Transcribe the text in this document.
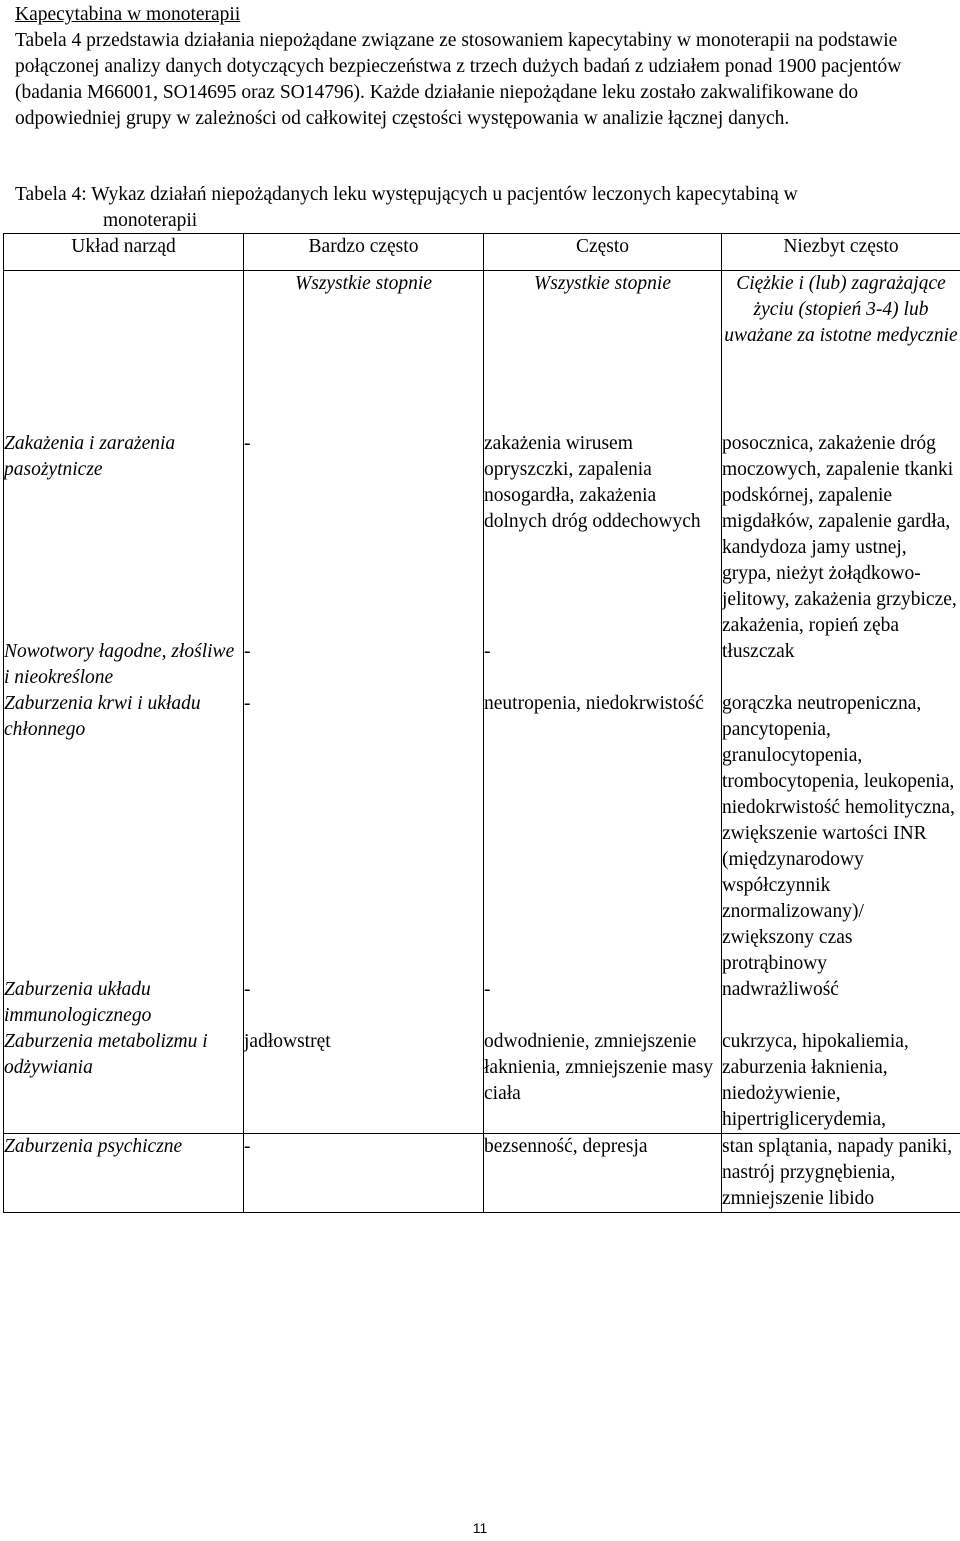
Kapecytabina w monoterapii
Tabela 4 przedstawia działania niepożądane związane ze stosowaniem kapecytabiny w monoterapii na podstawie połączonej analizy danych dotyczących bezpieczeństwa z trzech dużych badań z udziałem ponad 1900 pacjentów (badania M66001, SO14695 oraz SO14796). Każde działanie niepożądane leku zostało zakwalifikowane do odpowiedniej grupy w zależności od całkowitej częstości występowania w analizie łącznej danych.
Tabela 4: Wykaz działań niepożądanych leku występujących u pacjentów leczonych kapecytabiną w
monoterapii
Układ narząd	Bardzo często	Często	Niezbyt często
	Wszystkie stopnie	Wszystkie stopnie	Ciężkie i (lub) zagrażające życiu (stopień 3-4) lub uważane za istotne medycznie
Zakażenia i zarażenia pasożytnicze	-	zakażenia wirusem opryszczki, zapalenia nosogardła, zakażenia dolnych dróg oddechowych	posocznica, zakażenie dróg moczowych, zapalenie tkanki podskórnej, zapalenie migdałków, zapalenie gardła, kandydoza jamy ustnej, grypa, nieżyt żołądkowo-jelitowy, zakażenia grzybicze, zakażenia, ropień zęba
Nowotwory łagodne, złośliwe i nieokreślone	-	-	tłuszczak
Zaburzenia krwi i układu chłonnego	-	neutropenia, niedokrwistość	gorączka neutropeniczna, pancytopenia, granulocytopenia, trombocytopenia, leukopenia, niedokrwistość hemolityczna, zwiększenie wartości INR (międzynarodowy współczynnik znormalizowany)/ zwiększony czas protrąbinowy
Zaburzenia układu immunologicznego	-	-	nadwrażliwość
Zaburzenia metabolizmu i odżywiania	jadłowstręt	odwodnienie, zmniejszenie łaknienia, zmniejszenie masy ciała	cukrzyca, hipokaliemia, zaburzenia łaknienia, niedożywienie, hipertriglicerydemia,
Zaburzenia psychiczne	-	bezsenność, depresja	stan splątania, napady paniki, nastrój przygnębienia, zmniejszenie libido
11
